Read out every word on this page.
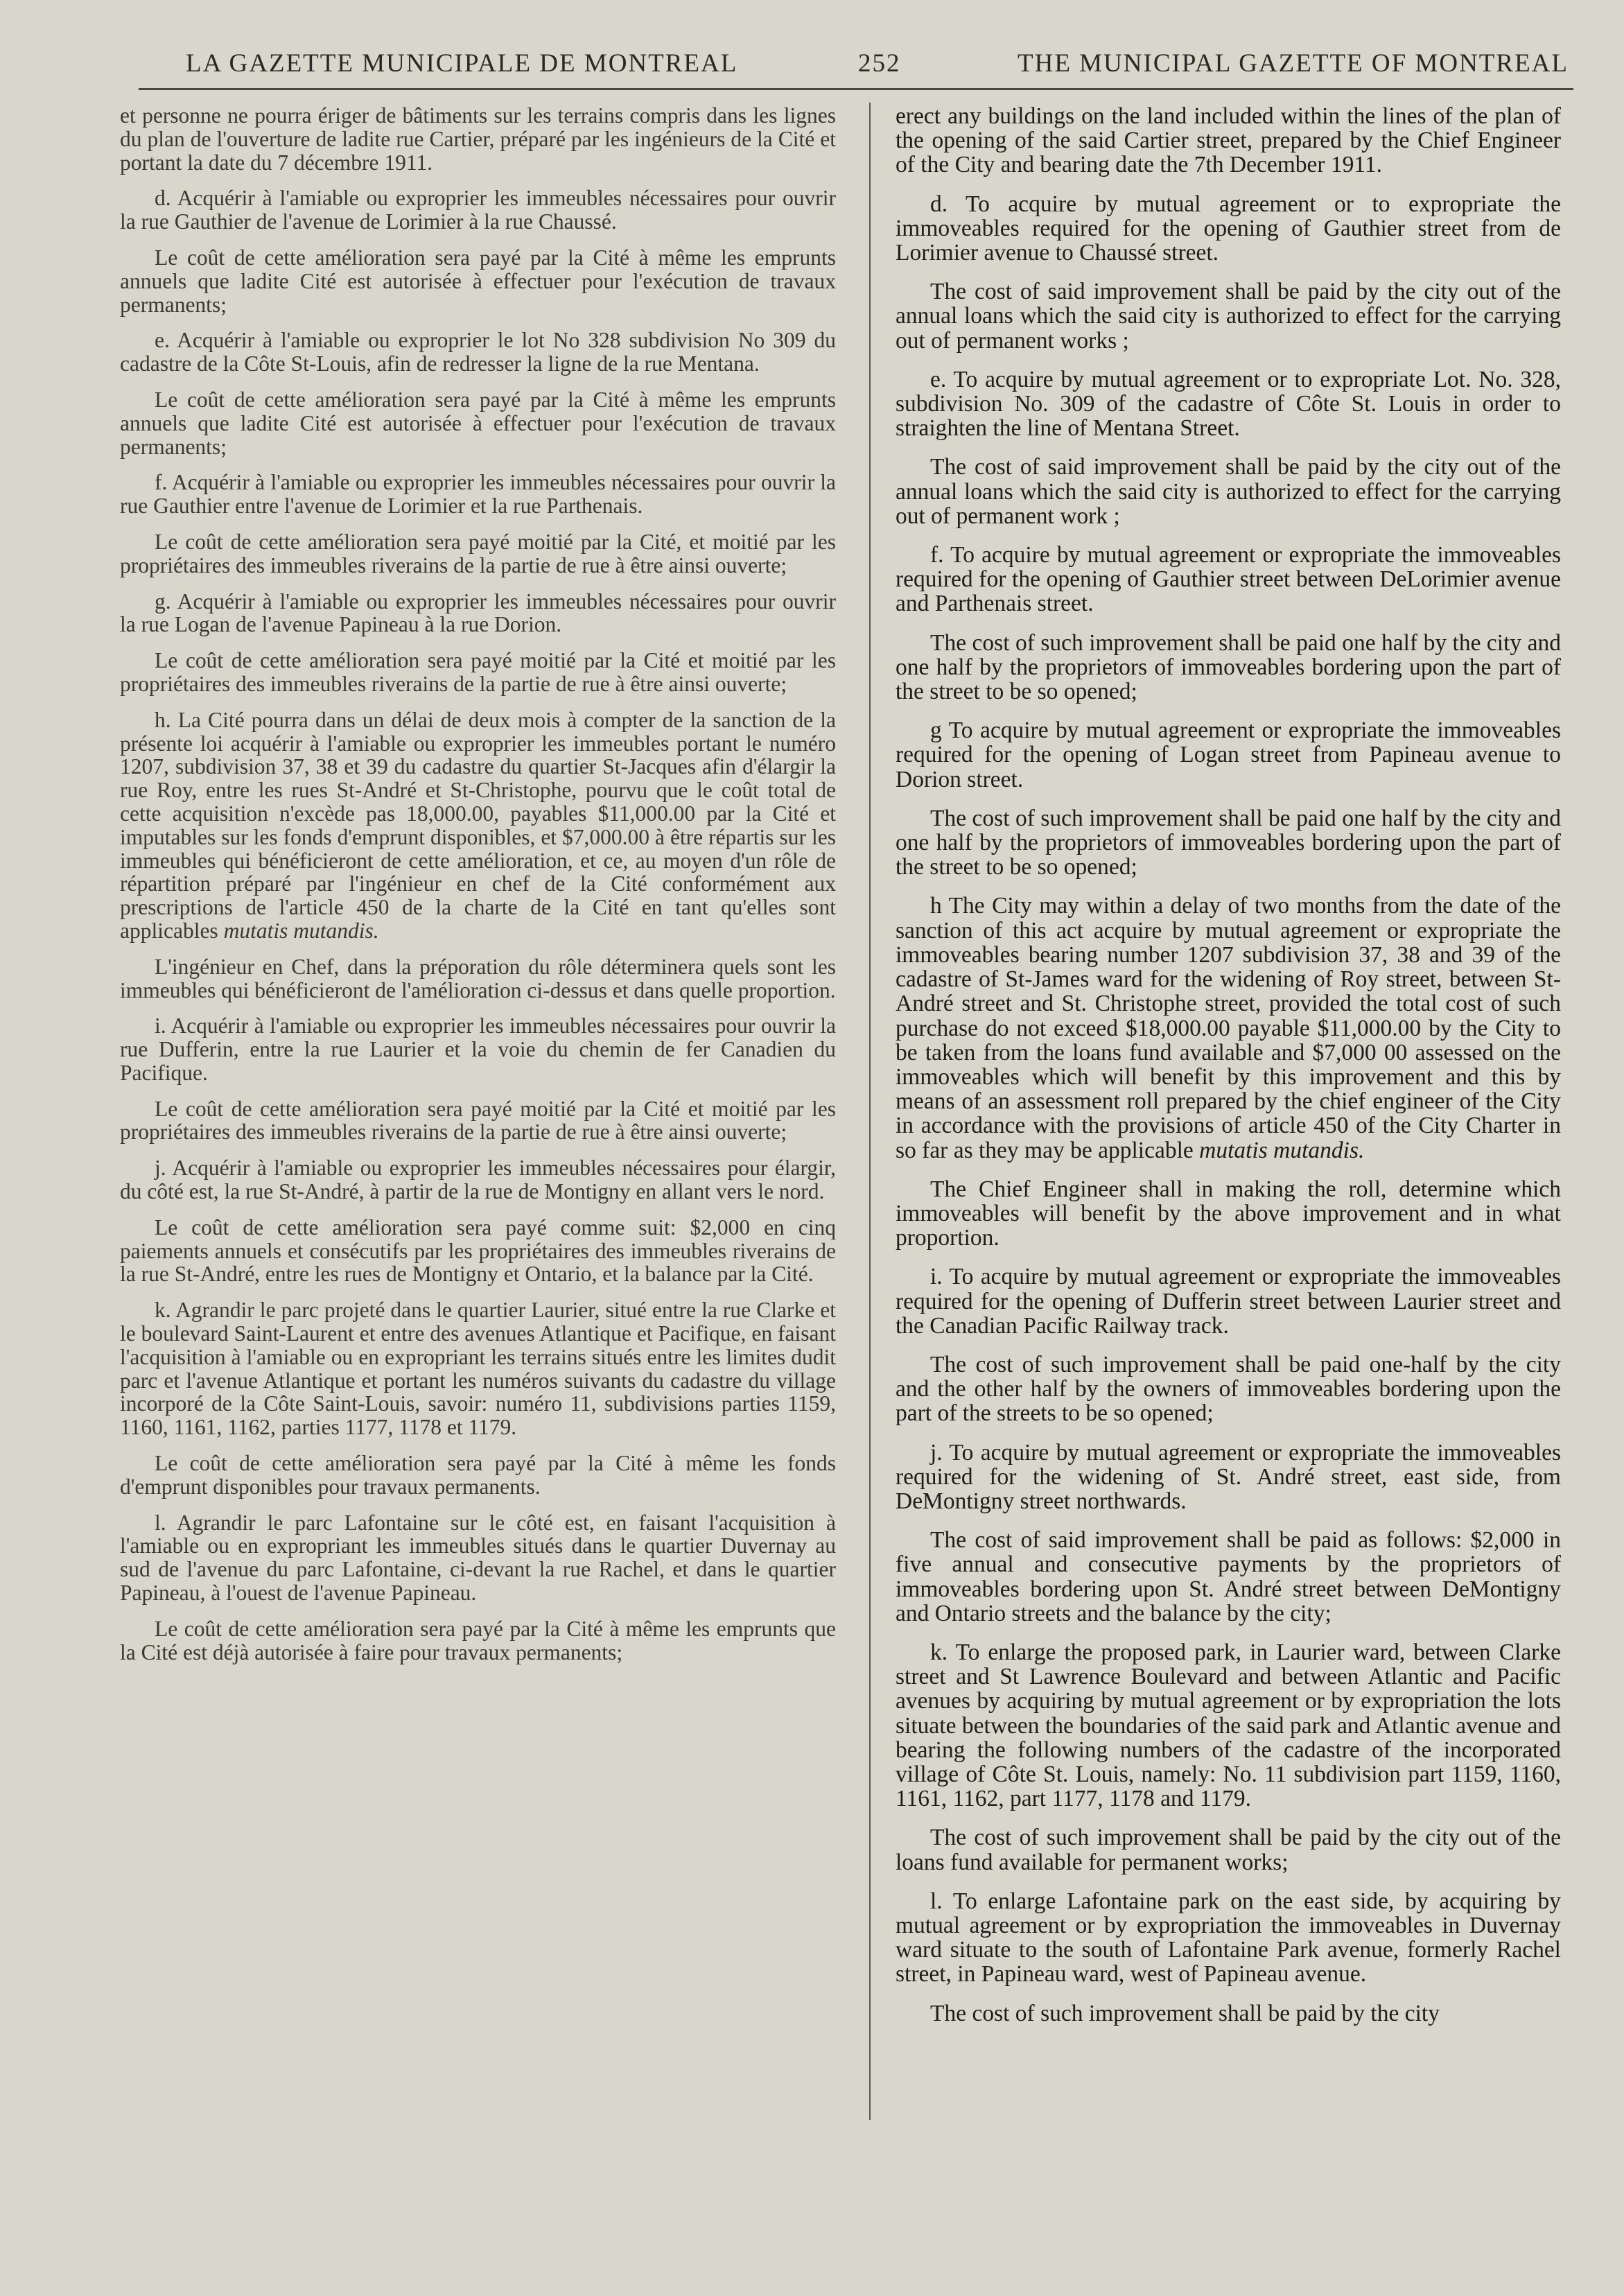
LA GAZETTE MUNICIPALE DE MONTREAL	252	THE MUNICIPAL GAZETTE OF MONTREAL

et personne ne pourra ériger de bâtiments sur les terrains compris dans les lignes du plan de l'ouverture de ladite rue Cartier, préparé par les ingénieurs de la Cité et portant la date du 7 décembre 1911.

d. Acquérir à l'amiable ou exproprier les immeubles nécessaires pour ouvrir la rue Gauthier de l'avenue de Lorimier à la rue Chaussé.

Le coût de cette amélioration sera payé par la Cité à même les emprunts annuels que ladite Cité est autorisée à effectuer pour l'exécution de travaux permanents;

e. Acquérir à l'amiable ou exproprier le lot No 328 subdivision No 309 du cadastre de la Côte St-Louis, afin de redresser la ligne de la rue Mentana.

Le coût de cette amélioration sera payé par la Cité à même les emprunts annuels que ladite Cité est autorisée à effectuer pour l'exécution de travaux permanents;

f. Acquérir à l'amiable ou exproprier les immeubles nécessaires pour ouvrir la rue Gauthier entre l'avenue de Lorimier et la rue Parthenais.

Le coût de cette amélioration sera payé moitié par la Cité, et moitié par les propriétaires des immeubles riverains de la partie de rue à être ainsi ouverte;

g. Acquérir à l'amiable ou exproprier les immeubles nécessaires pour ouvrir la rue Logan de l'avenue Papineau à la rue Dorion.

Le coût de cette amélioration sera payé moitié par la Cité et moitié par les propriétaires des immeubles riverains de la partie de rue à être ainsi ouverte;

h. La Cité pourra dans un délai de deux mois à compter de la sanction de la présente loi acquérir à l'amiable ou exproprier les immeubles portant le numéro 1207, subdivision 37, 38 et 39 du cadastre du quartier St-Jacques afin d'élargir la rue Roy, entre les rues St-André et St-Christophe, pourvu que le coût total de cette acquisition n'excède pas 18,000.00, payables $11,000.00 par la Cité et imputables sur les fonds d'emprunt disponibles, et $7,000.00 à être répartis sur les immeubles qui bénéficieront de cette amélioration, et ce, au moyen d'un rôle de répartition préparé par l'ingénieur en chef de la Cité conformément aux prescriptions de l'article 450 de la charte de la Cité en tant qu'elles sont applicables mutatis mutandis.

L'ingénieur en Chef, dans la préporation du rôle déterminera quels sont les immeubles qui bénéficieront de l'amélioration ci-dessus et dans quelle proportion.

i. Acquérir à l'amiable ou exproprier les immeubles nécessaires pour ouvrir la rue Dufferin, entre la rue Laurier et la voie du chemin de fer Canadien du Pacifique.

Le coût de cette amélioration sera payé moitié par la Cité et moitié par les propriétaires des immeubles riverains de la partie de rue à être ainsi ouverte;

j. Acquérir à l'amiable ou exproprier les immeubles nécessaires pour élargir, du côté est, la rue St-André, à partir de la rue de Montigny en allant vers le nord.

Le coût de cette amélioration sera payé comme suit: $2,000 en cinq paiements annuels et consécutifs par les propriétaires des immeubles riverains de la rue St-André, entre les rues de Montigny et Ontario, et la balance par la Cité.

k. Agrandir le parc projeté dans le quartier Laurier, situé entre la rue Clarke et le boulevard Saint-Laurent et entre des avenues Atlantique et Pacifique, en faisant l'acquisition à l'amiable ou en expropriant les terrains situés entre les limites dudit parc et l'avenue Atlantique et portant les numéros suivants du cadastre du village incorporé de la Côte Saint-Louis, savoir: numéro 11, subdivisions parties 1159, 1160, 1161, 1162, parties 1177, 1178 et 1179.

Le coût de cette amélioration sera payé par la Cité à même les fonds d'emprunt disponibles pour travaux permanents.

l. Agrandir le parc Lafontaine sur le côté est, en faisant l'acquisition à l'amiable ou en expropriant les immeubles situés dans le quartier Duvernay au sud de l'avenue du parc Lafontaine, ci-devant la rue Rachel, et dans le quartier Papineau, à l'ouest de l'avenue Papineau.

Le coût de cette amélioration sera payé par la Cité à même les emprunts que la Cité est déjà autorisée à faire pour travaux permanents;

erect any buildings on the land included within the lines of the plan of the opening of the said Cartier street, prepared by the Chief Engineer of the City and bearing date the 7th December 1911.

d. To acquire by mutual agreement or to expropriate the immoveables required for the opening of Gauthier street from de Lorimier avenue to Chaussé street.

The cost of said improvement shall be paid by the city out of the annual loans which the said city is authorized to effect for the carrying out of permanent works ;

e. To acquire by mutual agreement or to expropriate Lot. No. 328, subdivision No. 309 of the cadastre of Côte St. Louis in order to straighten the line of Mentana Street.

The cost of said improvement shall be paid by the city out of the annual loans which the said city is authorized to effect for the carrying out of permanent work ;

f. To acquire by mutual agreement or expropriate the immoveables required for the opening of Gauthier street between DeLorimier avenue and Parthenais street.

The cost of such improvement shall be paid one half by the city and one half by the proprietors of immoveables bordering upon the part of the street to be so opened;

g To acquire by mutual agreement or expropriate the immoveables required for the opening of Logan street from Papineau avenue to Dorion street.

The cost of such improvement shall be paid one half by the city and one half by the proprietors of immoveables bordering upon the part of the street to be so opened;

h The City may within a delay of two months from the date of the sanction of this act acquire by mutual agreement or expropriate the immoveables bearing number 1207 subdivision 37, 38 and 39 of the cadastre of St-James ward for the widening of Roy street, between St-André street and St. Christophe street, provided the total cost of such purchase do not exceed $18,000.00 payable $11,000.00 by the City to be taken from the loans fund available and $7,000 00 assessed on the immoveables which will benefit by this improvement and this by means of an assessment roll prepared by the chief engineer of the City in accordance with the provisions of article 450 of the City Charter in so far as they may be applicable mutatis mutandis.

The Chief Engineer shall in making the roll, determine which immoveables will benefit by the above improvement and in what proportion.

i. To acquire by mutual agreement or expropriate the immoveables required for the opening of Dufferin street between Laurier street and the Canadian Pacific Railway track.

The cost of such improvement shall be paid one-half by the city and the other half by the owners of immoveables bordering upon the part of the streets to be so opened;

j. To acquire by mutual agreement or expropriate the immoveables required for the widening of St. André street, east side, from DeMontigny street northwards.

The cost of said improvement shall be paid as follows: $2,000 in five annual and consecutive payments by the proprietors of immoveables bordering upon St. André street between DeMontigny and Ontario streets and the balance by the city;

k. To enlarge the proposed park, in Laurier ward, between Clarke street and St Lawrence Boulevard and between Atlantic and Pacific avenues by acquiring by mutual agreement or by expropriation the lots situate between the boundaries of the said park and Atlantic avenue and bearing the following numbers of the cadastre of the incorporated village of Côte St. Louis, namely: No. 11 subdivision part 1159, 1160, 1161, 1162, part 1177, 1178 and 1179.

The cost of such improvement shall be paid by the city out of the loans fund available for permanent works;

l. To enlarge Lafontaine park on the east side, by acquiring by mutual agreement or by expropriation the immoveables in Duvernay ward situate to the south of Lafontaine Park avenue, formerly Rachel street, in Papineau ward, west of Papineau avenue.

The cost of such improvement shall be paid by the city
